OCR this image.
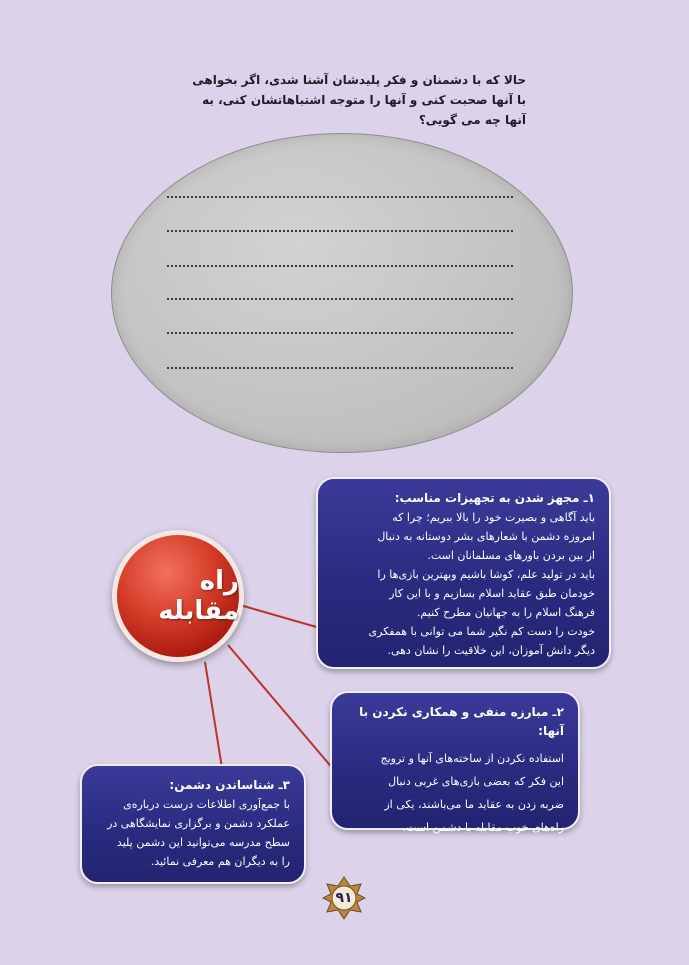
حالا که با دشمنان و فکر پلیدشان آشنا شدی، اگر بخواهی با آنها صحبت کنی و آنها را متوجه اشتباهاتشان کنی، به آنها چه می گویی؟
راه مقابله
۱ـ مجهز شدن به تجهیزات مناسب:
باید آگاهی و بصیرت خود را بالا ببریم؛ چرا که
امروزه دشمن با شعارهای بشر دوستانه به دنبال
از بین بردن باورهای مسلمانان است.
باید در تولید علم، کوشا باشیم وبهترین بازی‌ها را
خودمان طبق عقاید اسلام بسازیم و با این کار
فرهنگ اسلام را به جهانیان مطرح کنیم.
خودت را دست کم نگیر شما می توانی با همفکری
دیگر دانش آموزان، این خلاقیت را نشان دهی.
۲ـ مبارزه منفی و همکاری نکردن با آنها:
استفاده نکردن از ساخته‌های آنها و ترویج
این فکر که بعضی بازی‌های غربی دنبال
ضربه زدن به عقاید ما می‌باشند، یکی از
راه‌های خوب مقابله با دشمن است.
۳ـ شناساندن دشمن:
با جمع‌آوری اطلاعات درست درباره‌ی
عملکرد دشمن و برگزاری نمایشگاهی در
سطح مدرسه می‌توانید این دشمن پلید
را به دیگران هم معرفی نمائید.
۹۱
